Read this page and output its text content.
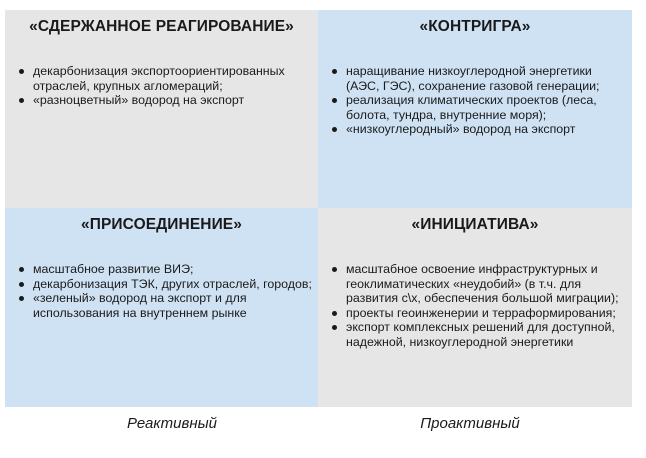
«СДЕРЖАННОЕ РЕАГИРОВАНИЕ»
декарбонизация экспортоориентированных отраслей, крупных агломераций;
«разноцветный» водород на экспорт
«КОНТРИГРА»
наращивание низкоуглеродной энергетики (АЭС, ГЭС), сохранение газовой генерации;
реализация климатических проектов (леса, болота, тундра, внутренние моря);
«низкоуглеродный» водород на экспорт
«ПРИСОЕДИНЕНИЕ»
масштабное развитие ВИЭ;
декарбонизация ТЭК, других отраслей, городов;
«зеленый» водород на экспорт и для использования на внутреннем рынке
«ИНИЦИАТИВА»
масштабное освоение инфраструктурных и геоклиматических «неудобий» (в т.ч. для развития с\х, обеспечения большой миграции);
проекты геоинженерии и терраформирования;
экспорт комплексных решений для доступной, надежной, низкоуглеродной энергетики
Реактивный	Проактивный
